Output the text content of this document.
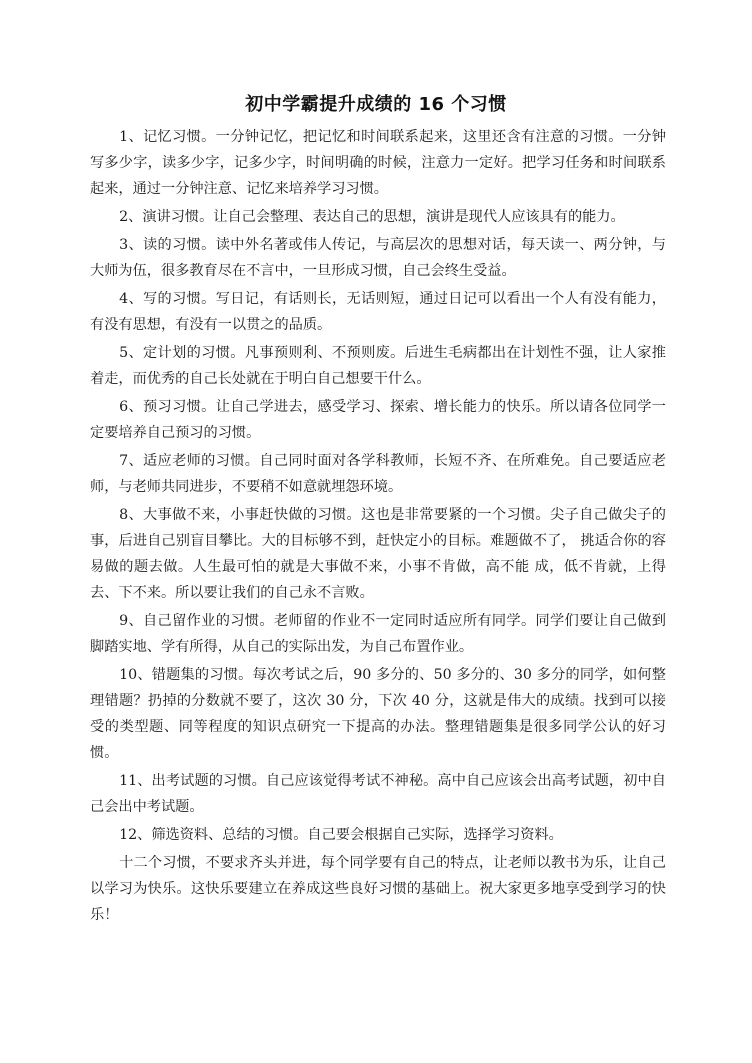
初中学霸提升成绩的 16 个习惯

1、记忆习惯。一分钟记忆，把记忆和时间联系起来，这里还含有注意的习惯。一分钟写多少字，读多少字，记多少字，时间明确的时候，注意力一定好。把学习任务和时间联系起来，通过一分钟注意、记忆来培养学习习惯。

2、演讲习惯。让自己会整理、表达自己的思想，演讲是现代人应该具有的能力。

3、读的习惯。读中外名著或伟人传记，与高层次的思想对话，每天读一、两分钟，与大师为伍，很多教育尽在不言中，一旦形成习惯，自己会终生受益。

4、写的习惯。写日记，有话则长，无话则短，通过日记可以看出一个人有没有能力，有没有思想，有没有一以贯之的品质。

5、定计划的习惯。凡事预则利、不预则废。后进生毛病都出在计划性不强，让人家推着走，而优秀的自己长处就在于明白自己想要干什么。

6、预习习惯。让自己学进去，感受学习、探索、增长能力的快乐。所以请各位同学一定要培养自己预习的习惯。

7、适应老师的习惯。自己同时面对各学科教师，长短不齐、在所难免。自己要适应老师，与老师共同进步，不要稍不如意就埋怨环境。

8、大事做不来，小事赶快做的习惯。这也是非常要紧的一个习惯。尖子自己做尖子的事，后进自己别盲目攀比。大的目标够不到，赶快定小的目标。难题做不了， 挑适合你的容易做的题去做。人生最可怕的就是大事做不来，小事不肯做，高不能 成，低不肯就，上得去、下不来。所以要让我们的自己永不言败。

9、自己留作业的习惯。老师留的作业不一定同时适应所有同学。同学们要让自己做到脚踏实地、学有所得，从自己的实际出发，为自己布置作业。

10、错题集的习惯。每次考试之后，90 多分的、50 多分的、30 多分的同学，如何整理错题？扔掉的分数就不要了，这次 30 分，下次 40 分，这就是伟大的成绩。找到可以接受的类型题、同等程度的知识点研究一下提高的办法。整理错题集是很多同学公认的好习惯。

11、出考试题的习惯。自己应该觉得考试不神秘。高中自己应该会出高考试题，初中自己会出中考试题。

12、筛选资料、总结的习惯。自己要会根据自己实际，选择学习资料。

十二个习惯，不要求齐头并进，每个同学要有自己的特点，让老师以教书为乐，让自己以学习为快乐。这快乐要建立在养成这些良好习惯的基础上。祝大家更多地享受到学习的快乐！
